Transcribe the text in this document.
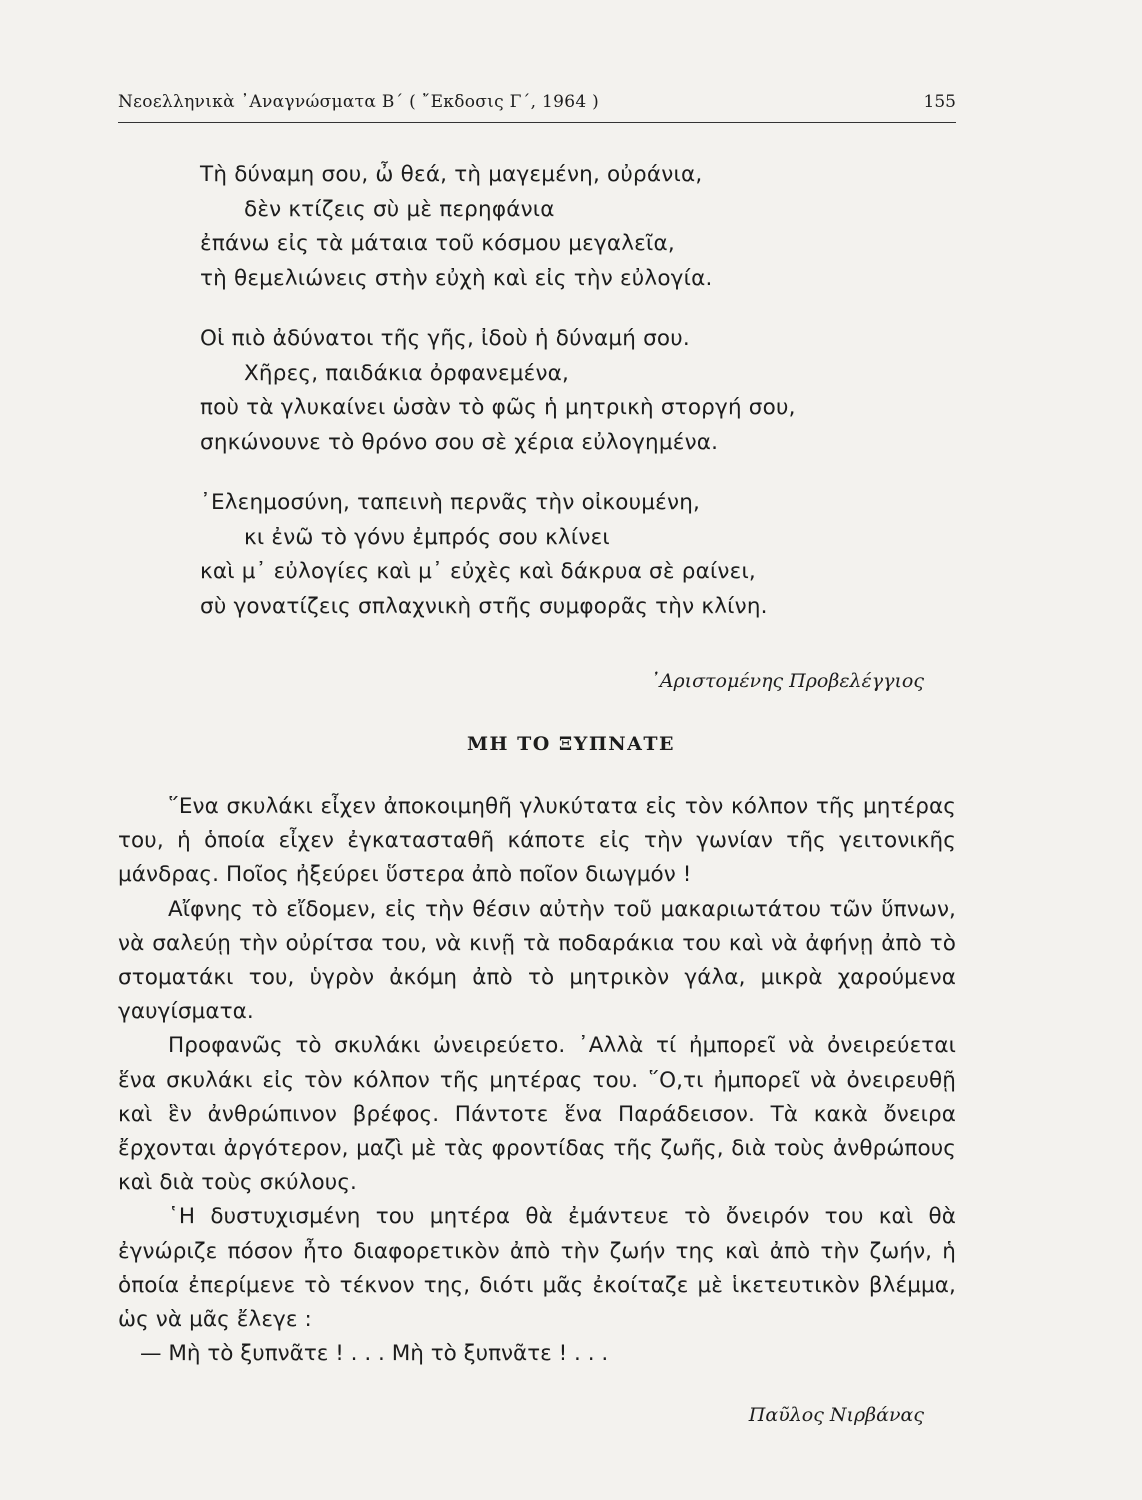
Νεοελληνικὰ ᾿Αναγνώσματα Β΄ ( ῎Εκδοσις Γ΄, 1964 )	155
Τὴ δύναμη σου, ὦ θεά, τὴ μαγεμένη, οὐράνια,
δὲν κτίζεις σὺ μὲ περηφάνια
ἐπάνω εἰς τὰ μάταια τοῦ κόσμου μεγαλεῖα,
τὴ θεμελιώνεις στὴν εὐχὴ καὶ εἰς τὴν εὐλογία.
Οἱ πιὸ ἀδύνατοι τῆς γῆς, ἰδοὺ ἡ δύναμή σου.
Χῆρες, παιδάκια ὀρφανεμένα,
ποὺ τὰ γλυκαίνει ὡσὰν τὸ φῶς ἡ μητρικὴ στοργή σου,
σηκώνουνε τὸ θρόνο σου σὲ χέρια εὐλογημένα.
᾿Ελεημοσύνη, ταπεινὴ περνᾶς τὴν οἰκουμένη,
κι ἐνῶ τὸ γόνυ ἐμπρός σου κλίνει
καὶ μ᾿ εὐλογίες καὶ μ᾿ εὐχὲς καὶ δάκρυα σὲ ραίνει,
σὺ γονατίζεις σπλαχνικὴ στῆς συμφορᾶς τὴν κλίνη.
᾿Αριστομένης Προβελέγγιος
ΜΗ ΤΟ ΞΥΠΝΑΤΕ

῞Ενα σκυλάκι εἶχεν ἀποκοιμηθῆ γλυκύτατα εἰς τὸν κόλπον τῆς μητέρας του, ἡ ὁποία εἶχεν ἐγκατασταθῆ κάποτε εἰς τὴν γωνίαν τῆς γειτονικῆς μάνδρας. Ποῖος ἠξεύρει ὕστερα ἀπὸ ποῖον διωγμόν !

Αἴφνης τὸ εἴδομεν, εἰς τὴν θέσιν αὐτὴν τοῦ μακαριωτάτου τῶν ὕπνων, νὰ σαλεύῃ τὴν οὐρίτσα του, νὰ κινῇ τὰ ποδαράκια του καὶ νὰ ἀφήνῃ ἀπὸ τὸ στοματάκι του, ὑγρὸν ἀκόμη ἀπὸ τὸ μητρικὸν γάλα, μικρὰ χαρούμενα γαυγίσματα.

Προφανῶς τὸ σκυλάκι ὠνειρεύετο. ᾿Αλλὰ τί ἠμπορεῖ νὰ ὀνειρεύεται ἕνα σκυλάκι εἰς τὸν κόλπον τῆς μητέρας του. ῞Ο,τι ἠμπορεῖ νὰ ὀνειρευθῇ καὶ ἓν ἀνθρώπινον βρέφος. Πάντοτε ἕνα Παράδεισον. Τὰ κακὰ ὄνειρα ἔρχονται ἀργότερον, μαζὶ μὲ τὰς φροντίδας τῆς ζωῆς, διὰ τοὺς ἀνθρώπους καὶ διὰ τοὺς σκύλους.

῾Η δυστυχισμένη του μητέρα θὰ ἐμάντευε τὸ ὄνειρόν του καὶ θὰ ἐγνώριζε πόσον ἦτο διαφορετικὸν ἀπὸ τὴν ζωήν της καὶ ἀπὸ τὴν ζωήν, ἡ ὁποία ἐπερίμενε τὸ τέκνον της, διότι μᾶς ἐκοίταζε μὲ ἱκετευτικὸν βλέμμα, ὡς νὰ μᾶς ἔλεγε :

— Μὴ τὸ ξυπνᾶτε ! . . . Μὴ τὸ ξυπνᾶτε ! . . .

Παῦλος Νιρβάνας
